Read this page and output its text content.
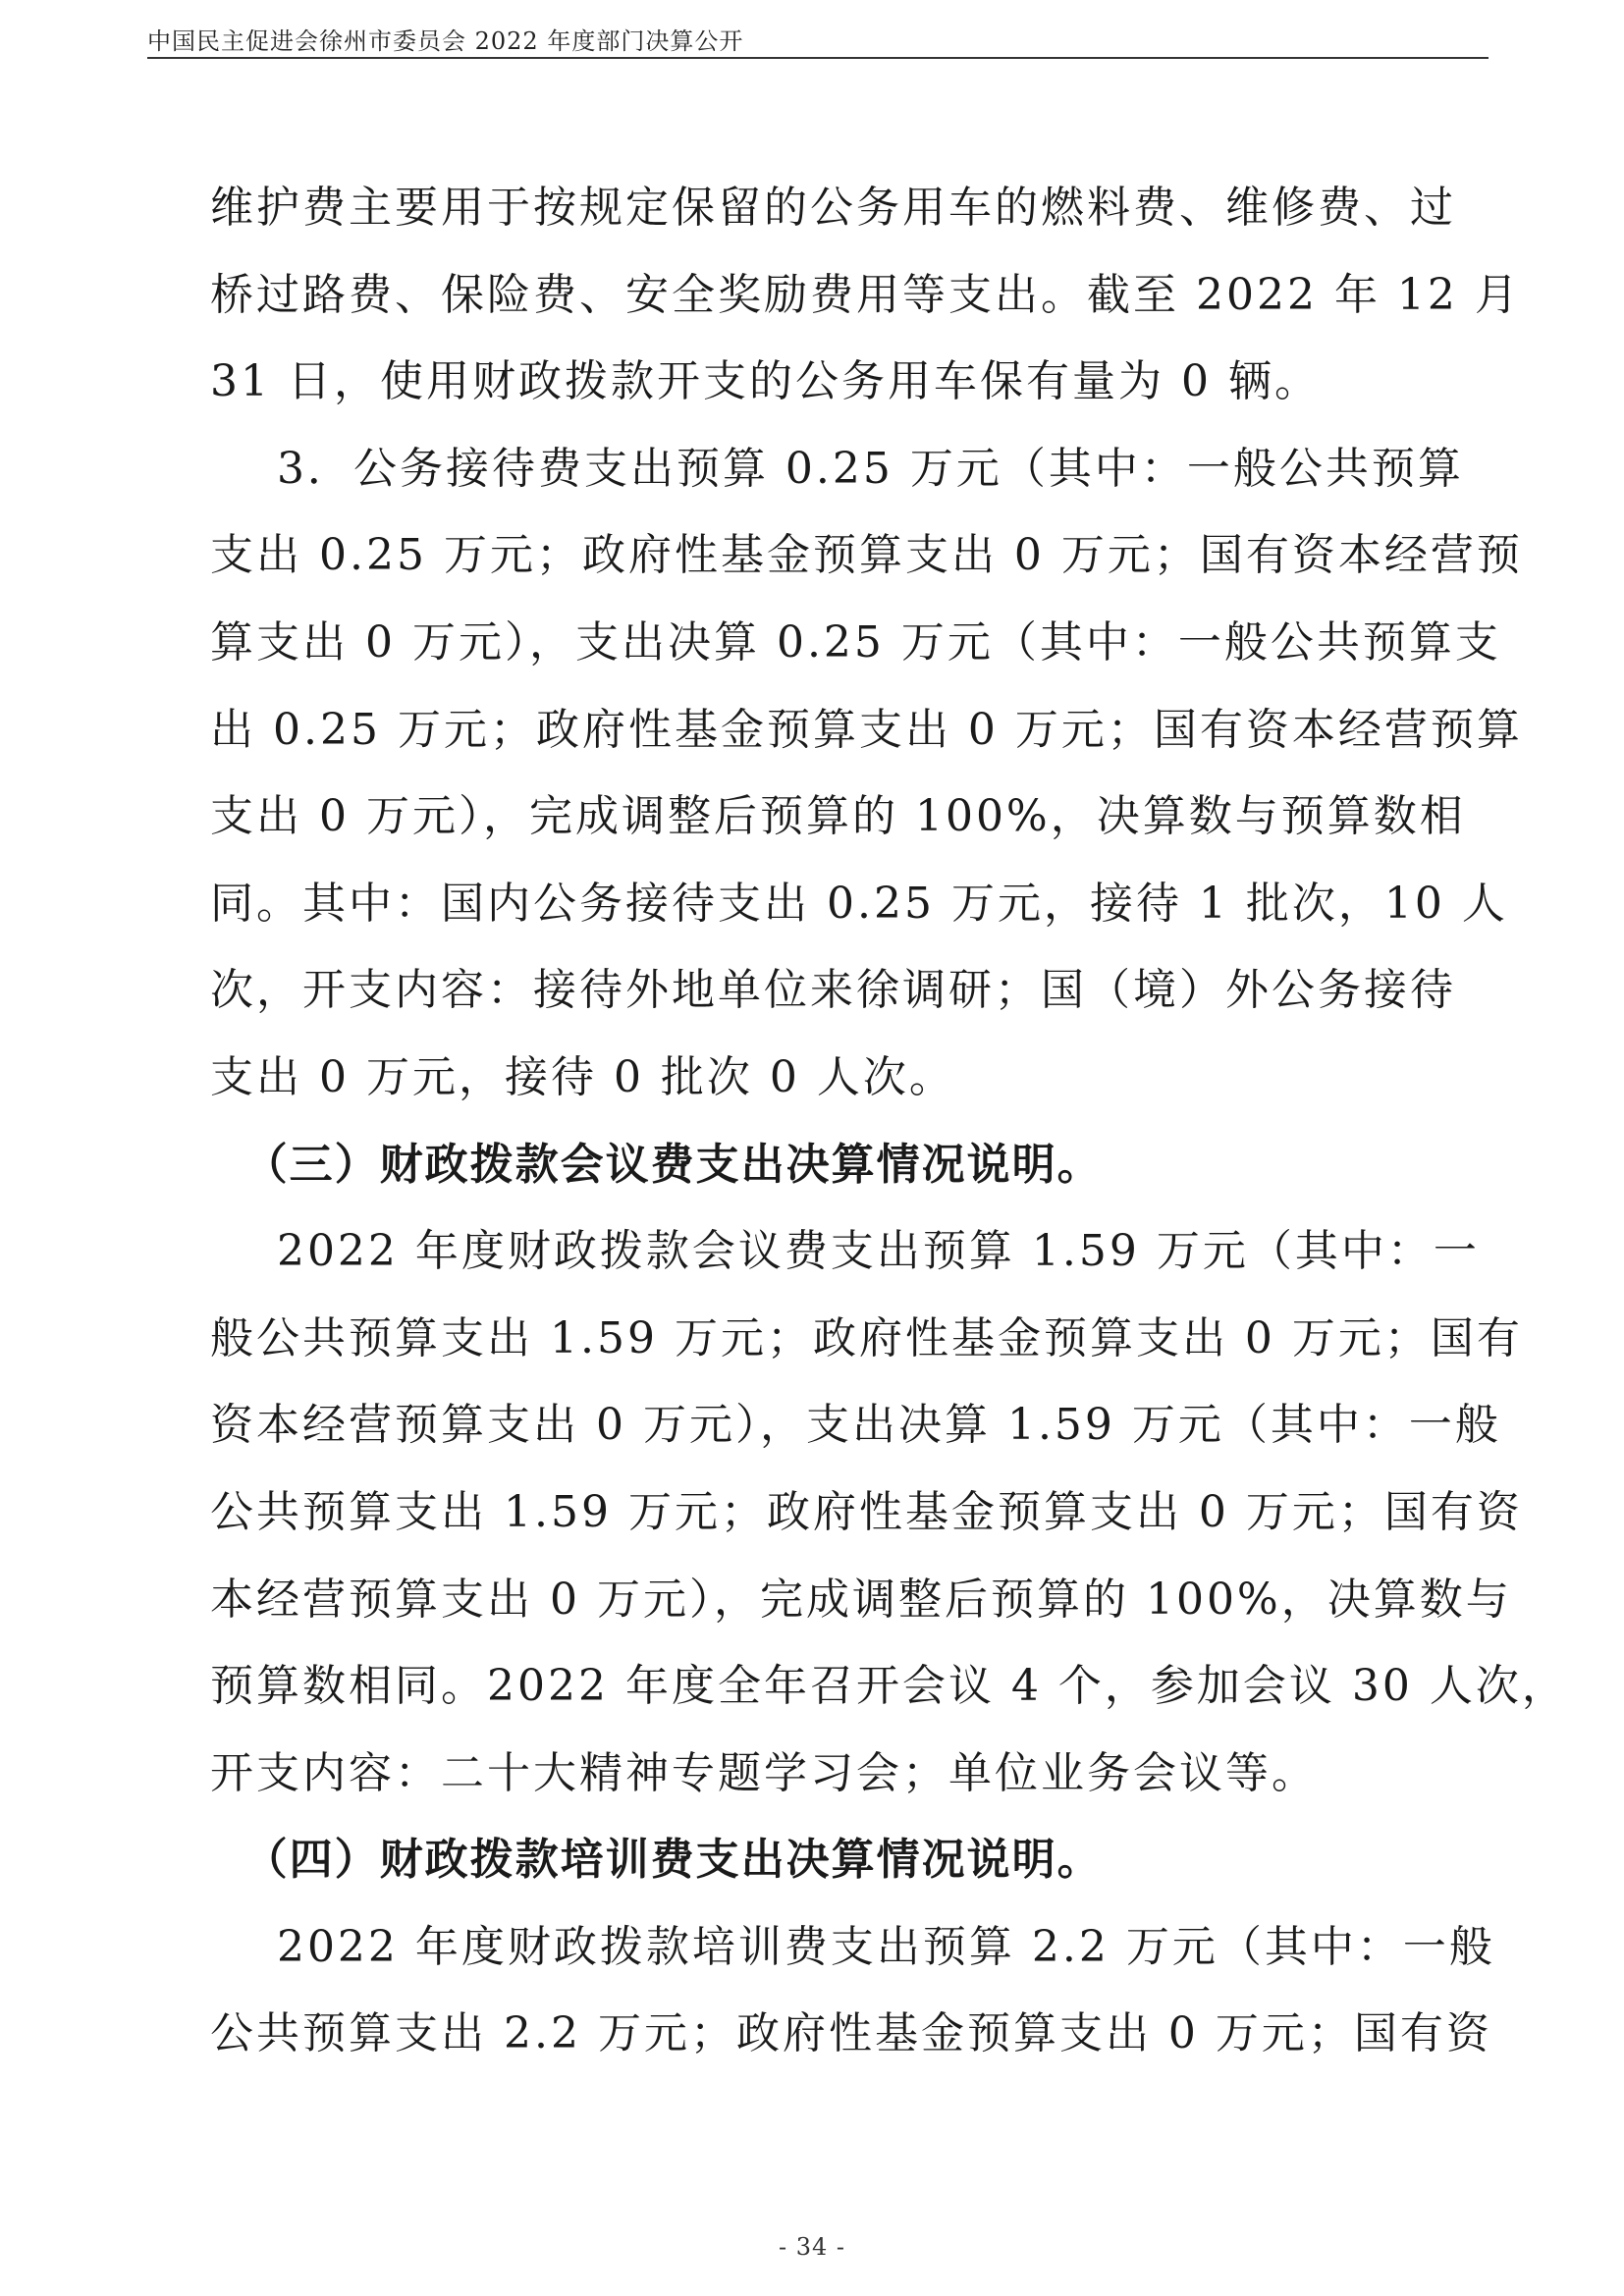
中国民主促进会徐州市委员会 2022 年度部门决算公开
维护费主要用于按规定保留的公务用车的燃料费、维修费、过
桥过路费、保险费、安全奖励费用等支出。截至 2022 年 12 月
31 日，使用财政拨款开支的公务用车保有量为 0 辆。
3．公务接待费支出预算 0.25 万元（其中：一般公共预算
支出 0.25 万元；政府性基金预算支出 0 万元；国有资本经营预
算支出 0 万元），支出决算 0.25 万元（其中：一般公共预算支
出 0.25 万元；政府性基金预算支出 0 万元；国有资本经营预算
支出 0 万元），完成调整后预算的 100%，决算数与预算数相
同。其中：国内公务接待支出 0.25 万元，接待 1 批次，10 人
次，开支内容：接待外地单位来徐调研；国（境）外公务接待
支出 0 万元，接待 0 批次 0 人次。
（三）财政拨款会议费支出决算情况说明。
2022 年度财政拨款会议费支出预算 1.59 万元（其中：一
般公共预算支出 1.59 万元；政府性基金预算支出 0 万元；国有
资本经营预算支出 0 万元），支出决算 1.59 万元（其中：一般
公共预算支出 1.59 万元；政府性基金预算支出 0 万元；国有资
本经营预算支出 0 万元），完成调整后预算的 100%，决算数与
预算数相同。2022 年度全年召开会议 4 个，参加会议 30 人次，
开支内容：二十大精神专题学习会；单位业务会议等。
（四）财政拨款培训费支出决算情况说明。
2022 年度财政拨款培训费支出预算 2.2 万元（其中：一般
公共预算支出 2.2 万元；政府性基金预算支出 0 万元；国有资
- 34 -
